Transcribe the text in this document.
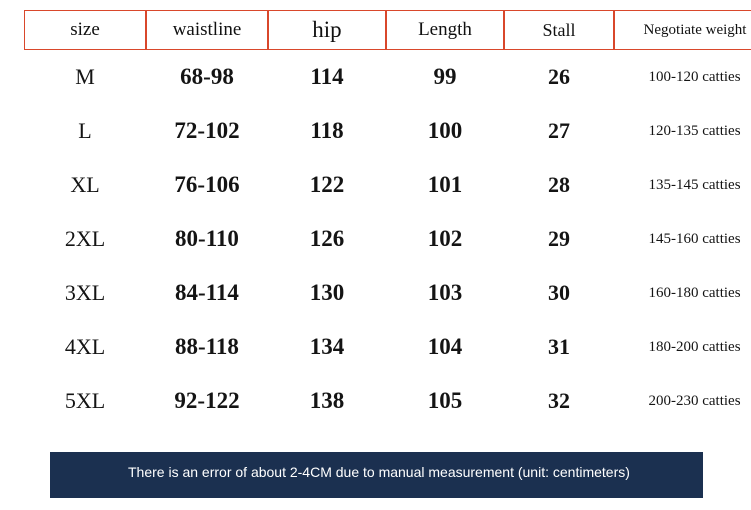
size	waistline	hip	Length	Stall	Negotiate weight
M	68-98	114	99	26	100-120 catties
L	72-102	118	100	27	120-135 catties
XL	76-106	122	101	28	135-145 catties
2XL	80-110	126	102	29	145-160 catties
3XL	84-114	130	103	30	160-180 catties
4XL	88-118	134	104	31	180-200 catties
5XL	92-122	138	105	32	200-230 catties
There is an error of about 2-4CM due to manual measurement (unit: centimeters)
